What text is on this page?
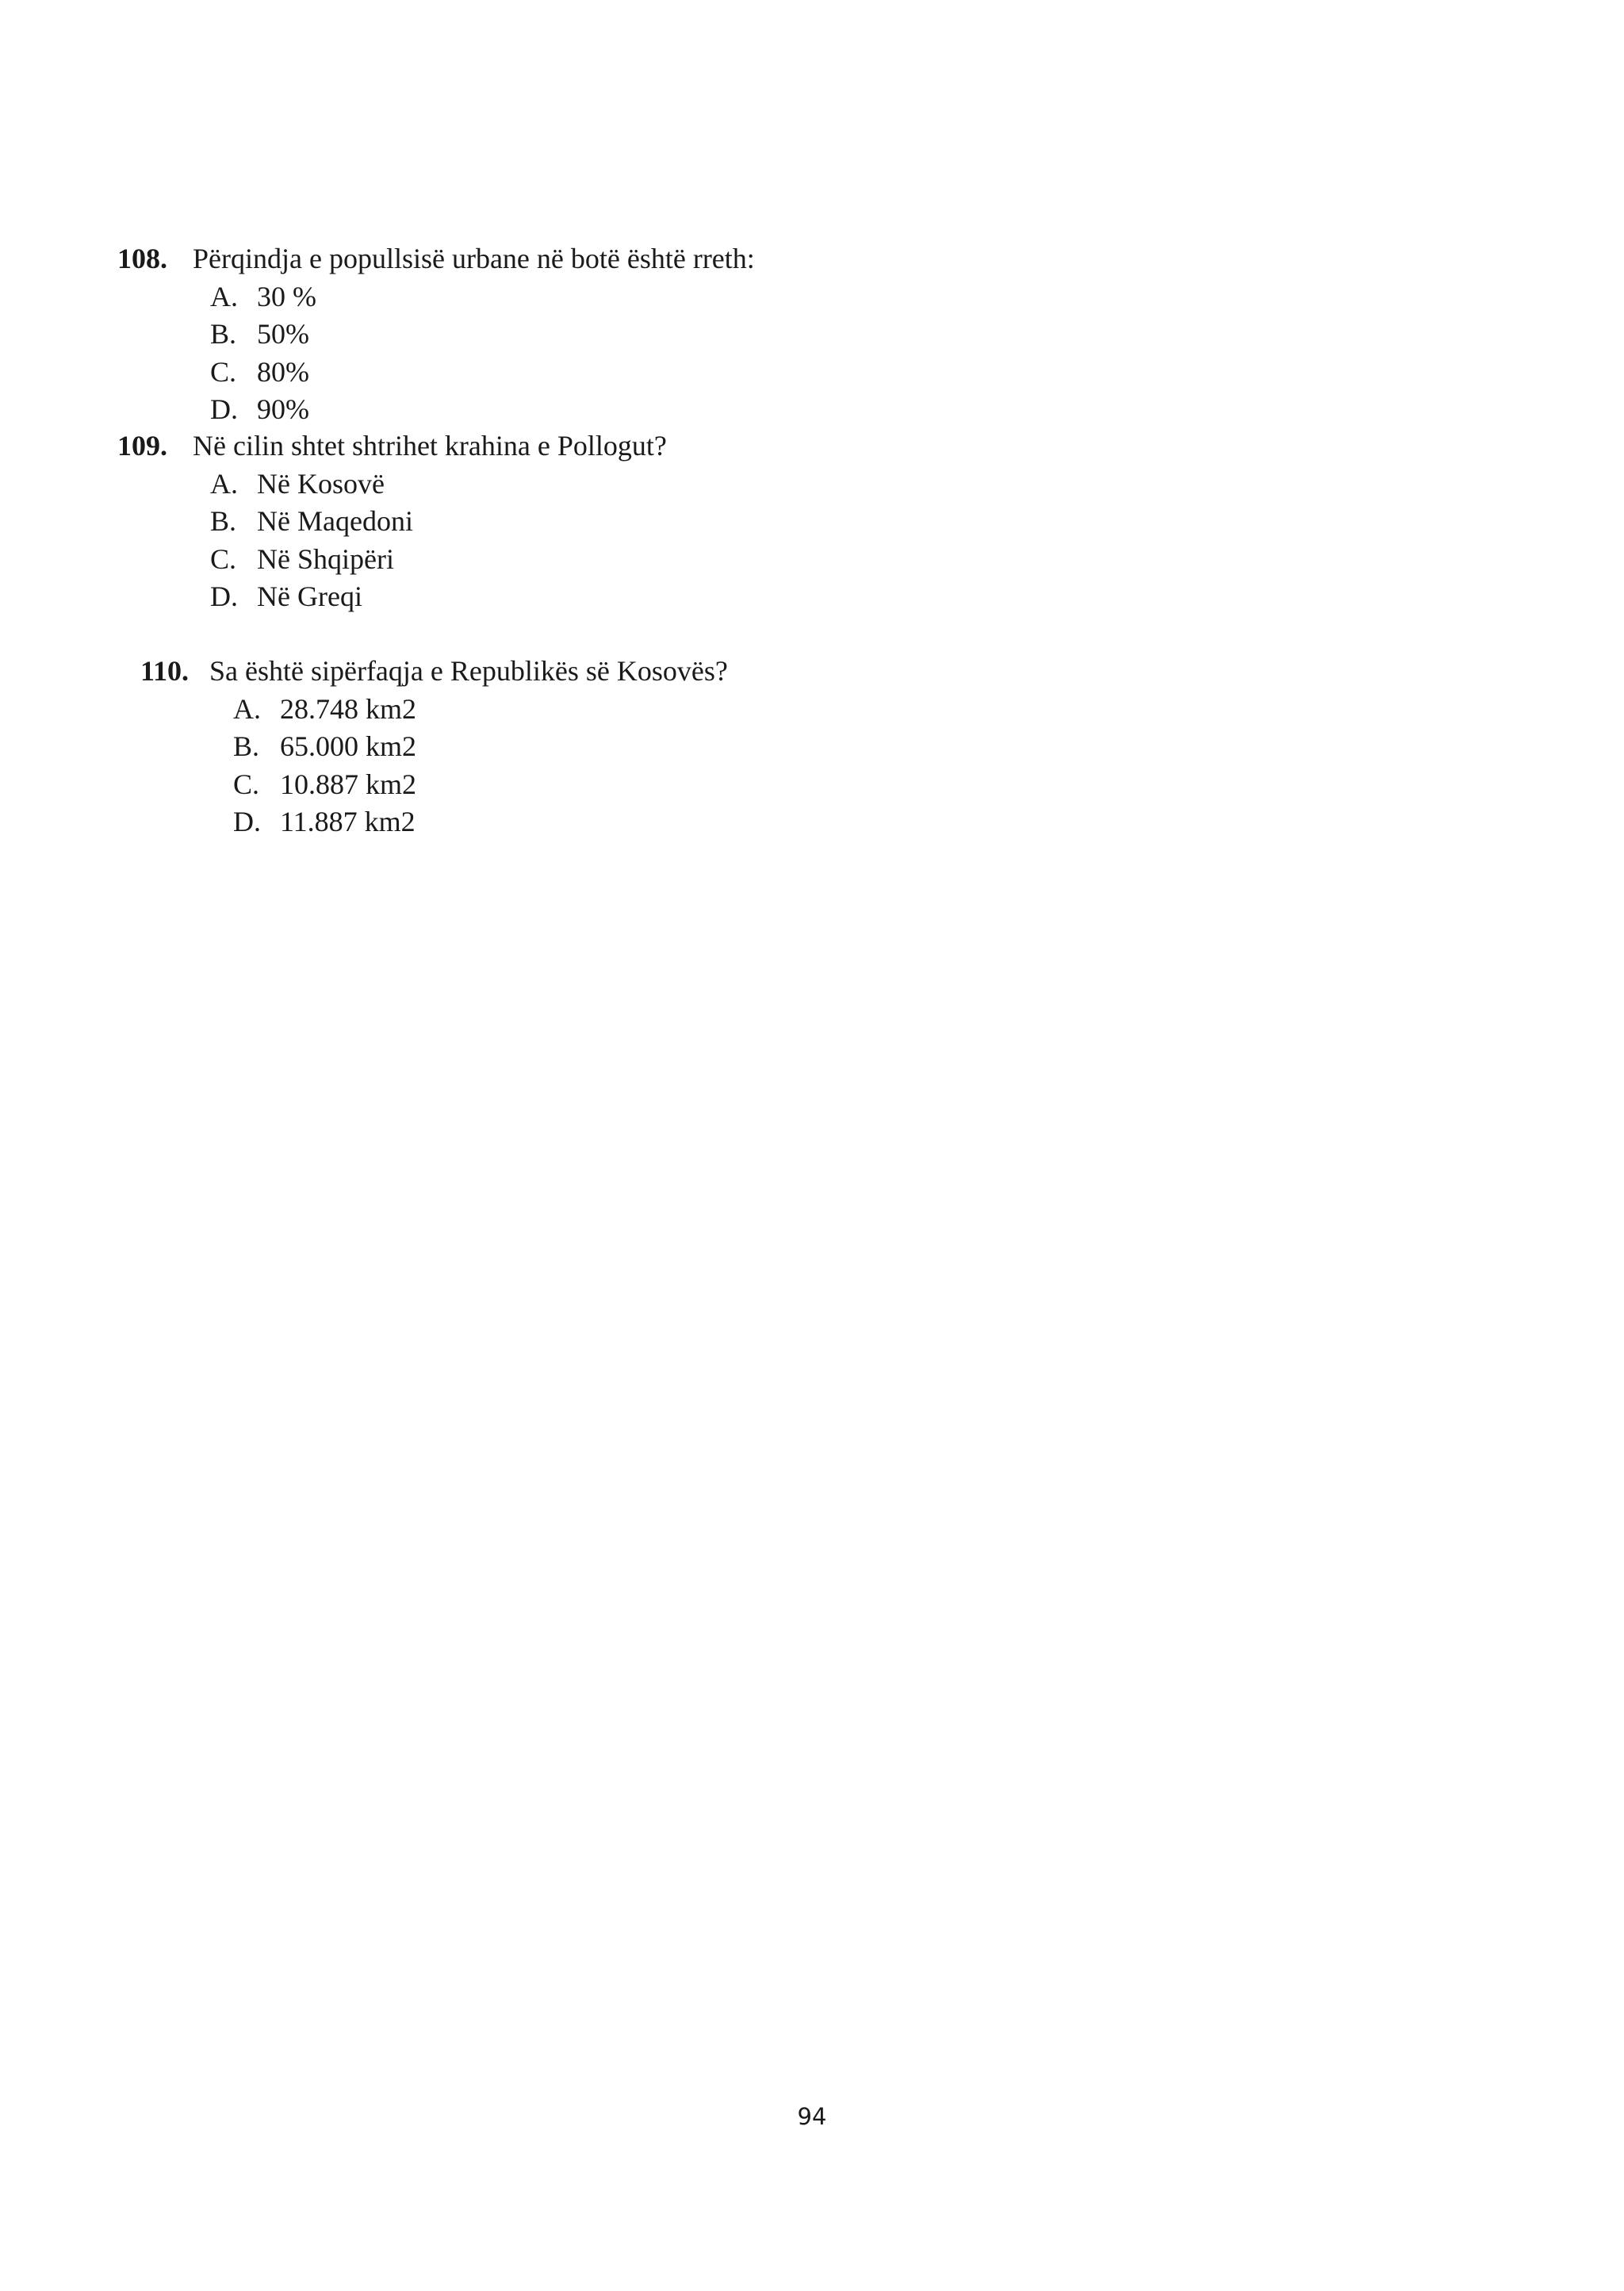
108. Përqindja e popullsisë urbane në botë është rreth:
A. 30 %
B. 50%
C. 80%
D. 90%
109. Në cilin shtet shtrihet krahina e Pollogut?
A. Në Kosovë
B. Në Maqedoni
C. Në Shqipëri
D. Në Greqi
110. Sa është sipërfaqja e Republikës së Kosovës?
A. 28.748 km2
B. 65.000 km2
C. 10.887 km2
D. 11.887 km2
94
